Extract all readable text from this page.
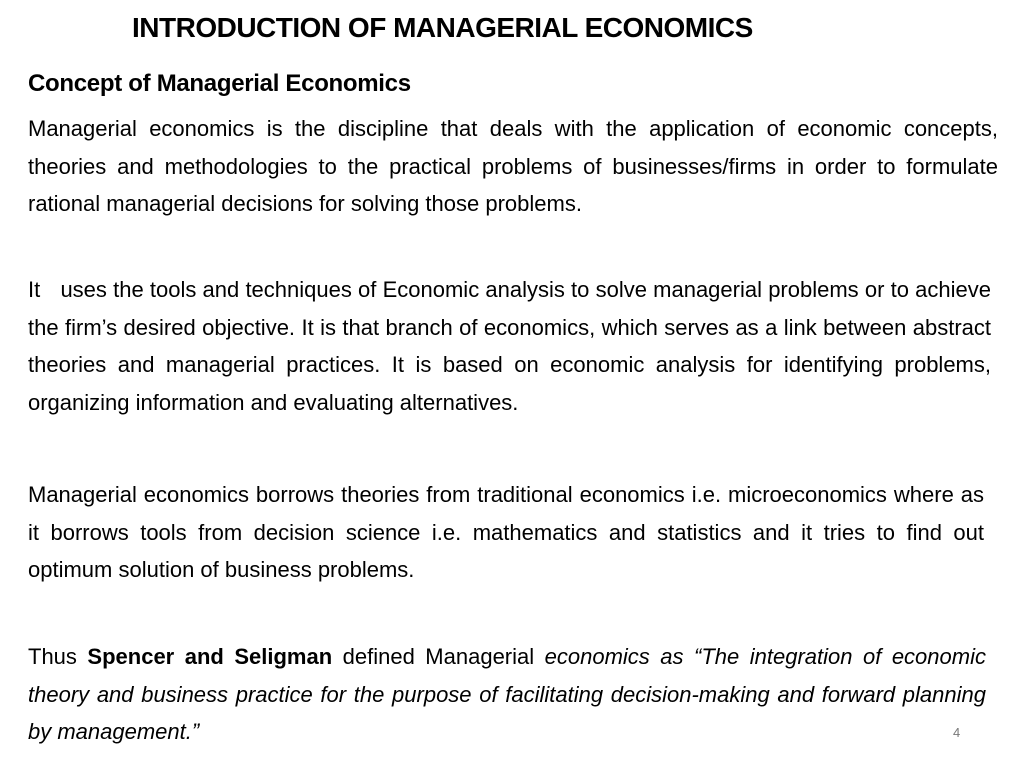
INTRODUCTION OF MANAGERIAL ECONOMICS
Concept of Managerial Economics
Managerial economics is the discipline that deals with the application of economic concepts, theories and methodologies to the practical problems of businesses/firms in order to formulate rational managerial decisions for solving those problems.
It uses the tools and techniques of Economic analysis to solve managerial problems or to achieve the firm’s desired objective. It is that branch of economics, which serves as a link between abstract theories and managerial practices. It is based on economic analysis for identifying problems, organizing information and evaluating alternatives.
Managerial economics borrows theories from traditional economics i.e. microeconomics where as it borrows tools from decision science i.e. mathematics and statistics and it tries to find out optimum solution of business problems.
Thus Spencer and Seligman defined Managerial economics as “The integration of economic theory and business practice for the purpose of facilitating decision-making and forward planning by management.”	4
